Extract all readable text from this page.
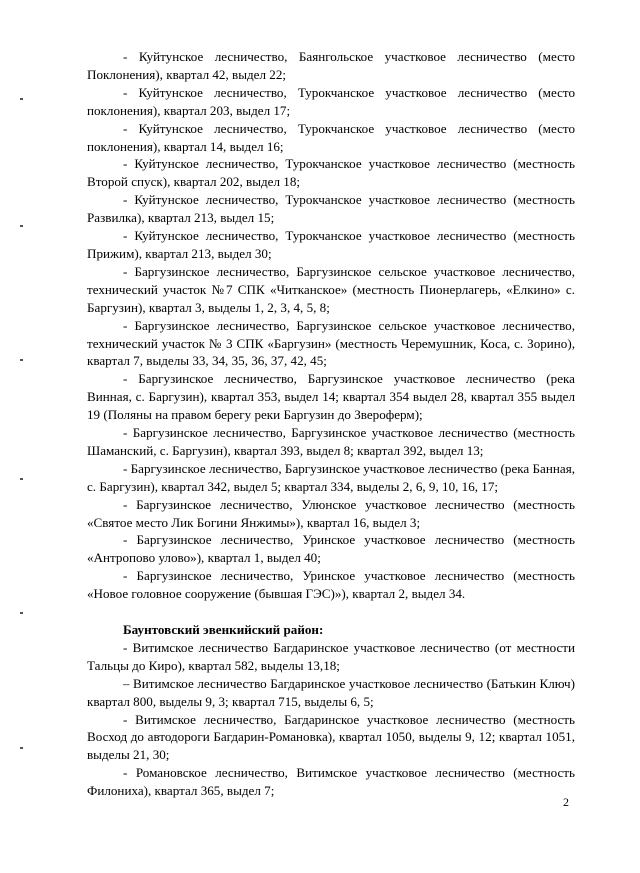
- Куйтунское лесничество, Баянгольское участковое лесничество (место Поклонения), квартал 42, выдел 22;

- Куйтунское лесничество, Турокчанское участковое лесничество (место поклонения), квартал 203, выдел 17;

- Куйтунское лесничество, Турокчанское участковое лесничество (место поклонения), квартал 14, выдел 16;

- Куйтунское лесничество, Турокчанское участковое лесничество (местность Второй спуск), квартал 202, выдел 18;

- Куйтунское лесничество, Турокчанское участковое лесничество (местность Развилка), квартал 213, выдел 15;

- Куйтунское лесничество, Турокчанское участковое лесничество (местность Прижим), квартал 213, выдел 30;

- Баргузинское лесничество, Баргузинское сельское участковое лесничество, технический участок №7 СПК «Читканское» (местность Пионерлагерь, «Елкино» с. Баргузин), квартал 3, выделы 1, 2, 3, 4, 5, 8;

- Баргузинское лесничество, Баргузинское сельское участковое лесничество, технический участок № 3 СПК «Баргузин» (местность Черемушник, Коса, с. Зорино), квартал 7, выделы 33, 34, 35, 36, 37, 42, 45;

- Баргузинское лесничество, Баргузинское участковое лесничество (река Винная, с. Баргузин), квартал 353, выдел 14; квартал 354 выдел 28, квартал 355 выдел 19 (Поляны на правом берегу реки Баргузин до Звероферм);

- Баргузинское лесничество, Баргузинское участковое лесничество (местность Шаманский, с. Баргузин), квартал 393, выдел 8; квартал 392, выдел 13;

- Баргузинское лесничество, Баргузинское участковое лесничество (река Банная, с. Баргузин), квартал 342, выдел 5; квартал 334, выделы 2, 6, 9, 10, 16, 17;

- Баргузинское лесничество, Улюнское участковое лесничество (местность «Святое место Лик Богини Янжимы»), квартал 16, выдел 3;

- Баргузинское лесничество, Уринское участковое лесничество (местность «Антропово улово»), квартал 1, выдел 40;

- Баргузинское лесничество, Уринское участковое лесничество (местность «Новое головное сооружение (бывшая ГЭС)»), квартал 2, выдел 34.

Баунтовский эвенкийский район:

- Витимское лесничество Багдаринское участковое лесничество (от местности Тальцы до Киро), квартал 582, выделы 13,18;

– Витимское лесничество Багдаринское участковое лесничество (Батькин Ключ) квартал 800, выделы 9, 3; квартал 715, выделы 6, 5;

- Витимское лесничество, Багдаринское участковое лесничество (местность Восход до автодороги Багдарин-Романовка), квартал 1050, выделы 9, 12; квартал 1051, выделы 21, 30;

- Романовское лесничество, Витимское участковое лесничество (местность Филониха), квартал 365, выдел 7;

2
